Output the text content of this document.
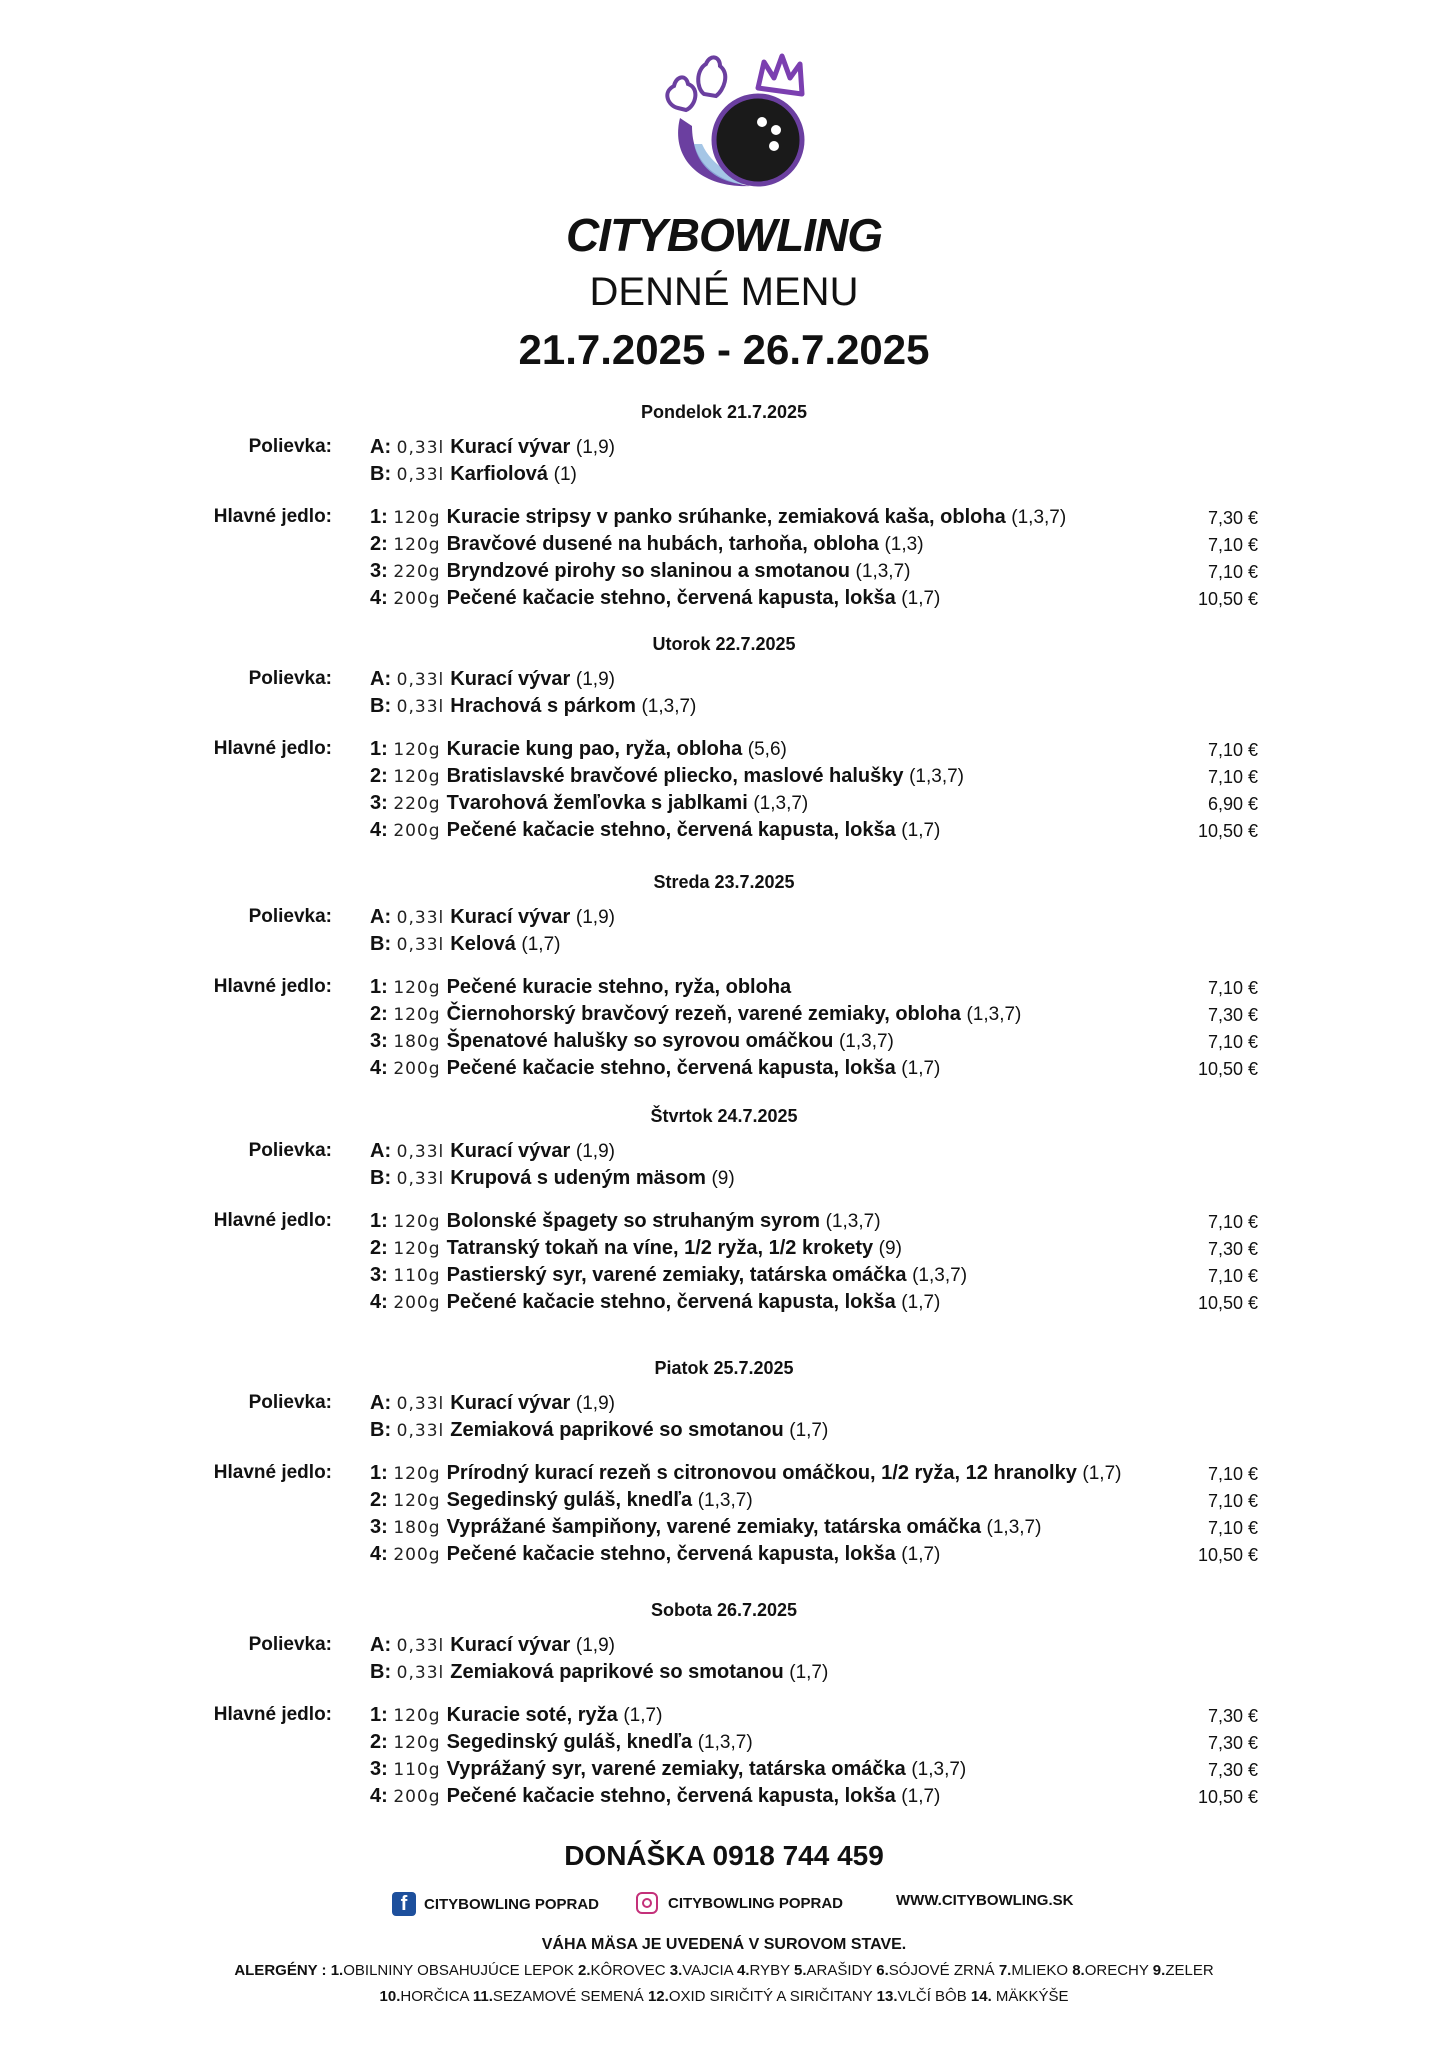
CITYBOWLING
DENNÉ MENU
21.7.2025 - 26.7.2025
Pondelok 21.7.2025
Polievka: A: 0,33l Kurací vývar (1,9)
B: 0,33l Karfiolová (1)
Hlavné jedlo: 1: 120g Kuracie stripsy v panko srúhanke, zemiaková kaša, obloha (1,3,7)	7,30 €
2: 120g Bravčové dusené na hubách, tarhoňa, obloha (1,3)	7,10 €
3: 220g Bryndzové pirohy so slaninou a smotanou (1,3,7)	7,10 €
4: 200g Pečené kačacie stehno, červená kapusta, lokša (1,7)	10,50 €
Utorok 22.7.2025
Polievka: A: 0,33l Kurací vývar (1,9)
B: 0,33l Hrachová s párkom (1,3,7)
Hlavné jedlo: 1: 120g Kuracie kung pao, ryža, obloha (5,6)	7,10 €
2: 120g Bratislavské bravčové pliecko, maslové halušky (1,3,7)	7,10 €
3: 220g Tvarohová žemľovka s jablkami (1,3,7)	6,90 €
4: 200g Pečené kačacie stehno, červená kapusta, lokša (1,7)	10,50 €
Streda 23.7.2025
Polievka: A: 0,33l Kurací vývar (1,9)
B: 0,33l Kelová (1,7)
Hlavné jedlo: 1: 120g Pečené kuracie stehno, ryža, obloha	7,10 €
2: 120g Čiernohorský bravčový rezeň, varené zemiaky, obloha (1,3,7)	7,30 €
3: 180g Špenatové halušky so syrovou omáčkou (1,3,7)	7,10 €
4: 200g Pečené kačacie stehno, červená kapusta, lokša (1,7)	10,50 €
Štvrtok 24.7.2025
Polievka: A: 0,33l Kurací vývar (1,9)
B: 0,33l Krupová s udeným mäsom (9)
Hlavné jedlo: 1: 120g Bolonské špagety so struhaným syrom (1,3,7)	7,10 €
2: 120g Tatranský tokaň na víne, 1/2 ryža, 1/2 krokety (9)	7,30 €
3: 110g Pastierský syr, varené zemiaky, tatárska omáčka (1,3,7)	7,10 €
4: 200g Pečené kačacie stehno, červená kapusta, lokša (1,7)	10,50 €
Piatok 25.7.2025
Polievka: A: 0,33l Kurací vývar (1,9)
B: 0,33l Zemiaková paprikové so smotanou (1,7)
Hlavné jedlo: 1: 120g Prírodný kurací rezeň s citronovou omáčkou, 1/2 ryža, 12 hranolky (1,7)	7,10 €
2: 120g Segedinský guláš, knedľa (1,3,7)	7,10 €
3: 180g Vyprážané šampiňony, varené zemiaky, tatárska omáčka (1,3,7)	7,10 €
4: 200g Pečené kačacie stehno, červená kapusta, lokša (1,7)	10,50 €
Sobota 26.7.2025
Polievka: A: 0,33l Kurací vývar (1,9)
B: 0,33l Zemiaková paprikové so smotanou (1,7)
Hlavné jedlo: 1: 120g Kuracie soté, ryža (1,7)	7,30 €
2: 120g Segedinský guláš, knedľa (1,3,7)	7,30 €
3: 110g Vyprážaný syr, varené zemiaky, tatárska omáčka (1,3,7)	7,30 €
4: 200g Pečené kačacie stehno, červená kapusta, lokša (1,7)	10,50 €
DONÁŠKA 0918 744 459
f	CITYBOWLING POPRAD	CITYBOWLING POPRAD	WWW.CITYBOWLING.SK
VÁHA MÄSA JE UVEDENÁ V SUROVOM STAVE.
ALERGÉNY : 1.OBILNINY OBSAHUJÚCE LEPOK 2.KÔROVEC 3.VAJCIA 4.RYBY 5.ARAŠIDY 6.SÓJOVÉ ZRNÁ 7.MLIEKO 8.ORECHY 9.ZELER
10.HORČICA 11.SEZAMOVÉ SEMENÁ 12.OXID SIRIČITÝ A SIRIČITANY 13.VLČÍ BÔB 14. MÄKKÝŠE
